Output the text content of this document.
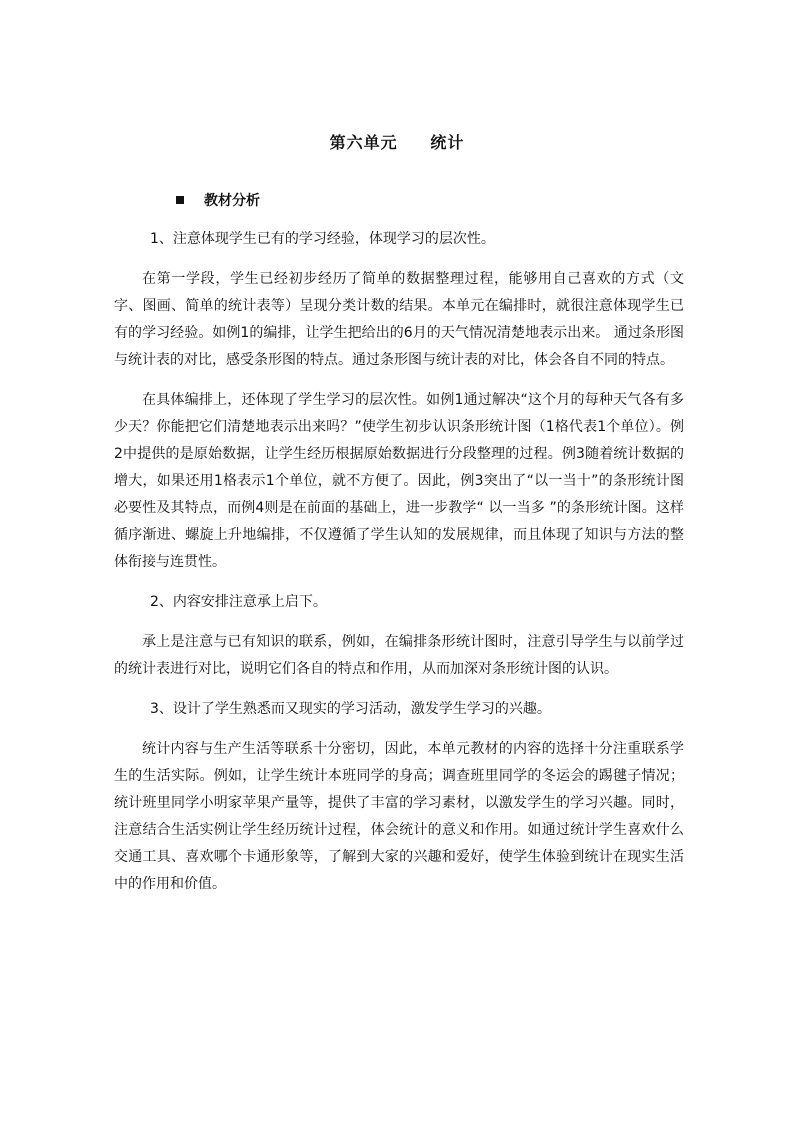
第六单元     统计
教材分析

1、注意体现学生已有的学习经验，体现学习的层次性。

在第一学段，学生已经初步经历了简单的数据整理过程，能够用自己喜欢的方式（文字、图画、简单的统计表等）呈现分类计数的结果。本单元在编排时，就很注意体现学生已有的学习经验。如例1的编排，让学生把给出的6月的天气情况清楚地表示出来。 通过条形图与统计表的对比，感受条形图的特点。通过条形图与统计表的对比，体会各自不同的特点。

在具体编排上，还体现了学生学习的层次性。如例1通过解决“这个月的每种天气各有多少天？你能把它们清楚地表示出来吗？”使学生初步认识条形统计图（1格代表1个单位）。例2中提供的是原始数据，让学生经历根据原始数据进行分段整理的过程。例3随着统计数据的增大，如果还用1格表示1个单位，就不方便了。因此，例3突出了“以一当十”的条形统计图必要性及其特点，而例4则是在前面的基础上，进一步教学“ 以一当多 ”的条形统计图。这样循序渐进、螺旋上升地编排，不仅遵循了学生认知的发展规律，而且体现了知识与方法的整体衔接与连贯性。

2、内容安排注意承上启下。

承上是注意与已有知识的联系，例如，在编排条形统计图时，注意引导学生与以前学过的统计表进行对比，说明它们各自的特点和作用，从而加深对条形统计图的认识。

3、设计了学生熟悉而又现实的学习活动，激发学生学习的兴趣。

统计内容与生产生活等联系十分密切，因此，本单元教材的内容的选择十分注重联系学生的生活实际。例如，让学生统计本班同学的身高；调查班里同学的冬运会的踢毽子情况；统计班里同学小明家苹果产量等，提供了丰富的学习素材，以激发学生的学习兴趣。同时，注意结合生活实例让学生经历统计过程，体会统计的意义和作用。如通过统计学生喜欢什么交通工具、喜欢哪个卡通形象等，了解到大家的兴趣和爱好，使学生体验到统计在现实生活中的作用和价值。
